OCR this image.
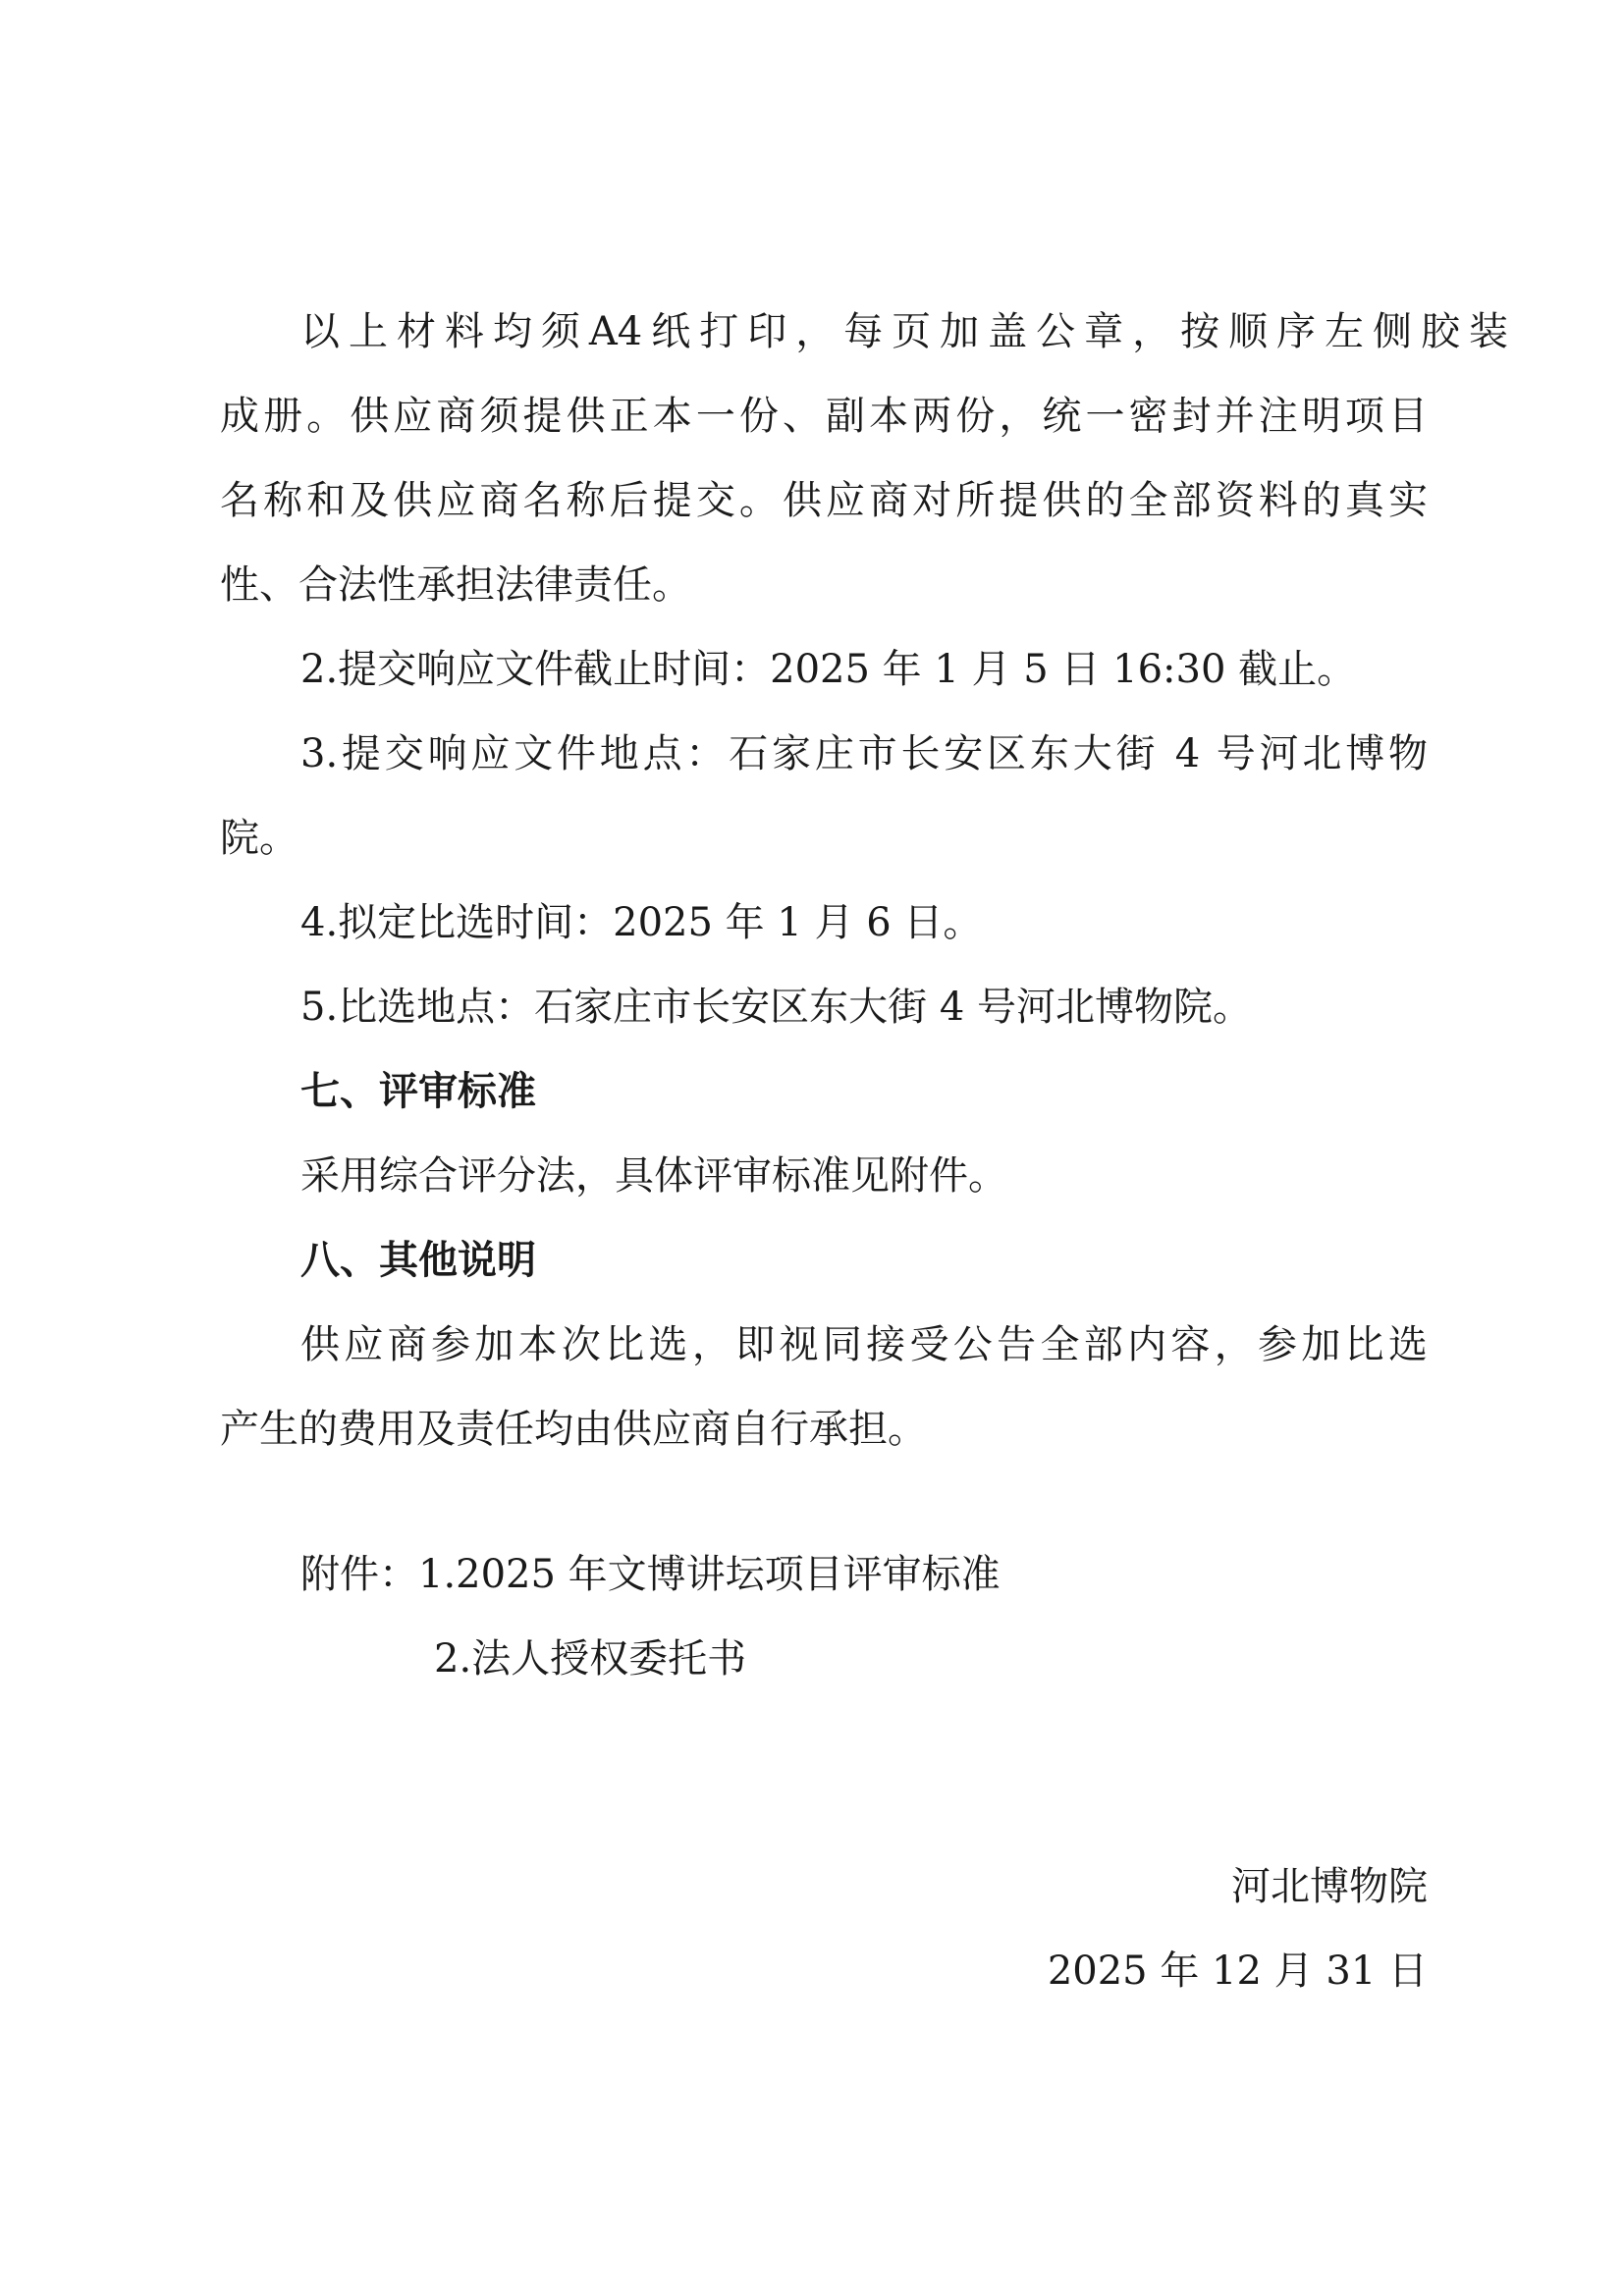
以上材料均须A4纸打印，每页加盖公章，按顺序左侧胶装
成册。供应商须提供正本一份、副本两份，统一密封并注明项目
名称和及供应商名称后提交。供应商对所提供的全部资料的真实
性、合法性承担法律责任。
2.提交响应文件截止时间：2025 年 1 月 5 日 16:30 截止。
3.提交响应文件地点：石家庄市长安区东大街 4 号河北博物
院。
4.拟定比选时间：2025 年 1 月 6 日。
5.比选地点：石家庄市长安区东大街 4 号河北博物院。
七、评审标准
采用综合评分法，具体评审标准见附件。
八、其他说明
供应商参加本次比选，即视同接受公告全部内容，参加比选
产生的费用及责任均由供应商自行承担。
附件：1.2025 年文博讲坛项目评审标准
2.法人授权委托书
河北博物院
2025 年 12 月 31 日
